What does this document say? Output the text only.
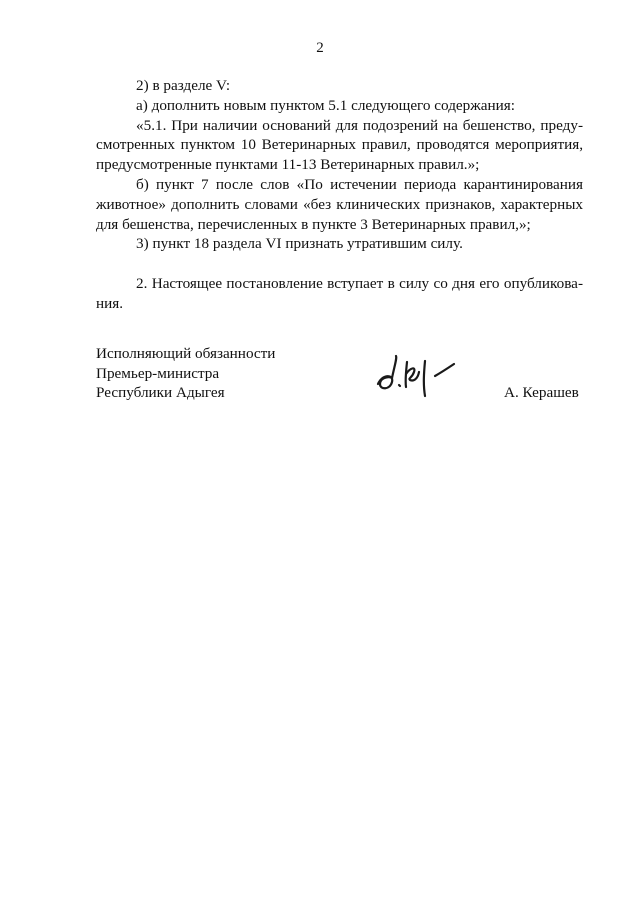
2

2) в разделе V:

а) дополнить новым пунктом 5.1 следующего содержания:

«5.1. При наличии оснований для подозрений на бешенство, предусмотренных пунктом 10 Ветеринарных правил, проводятся мероприятия, предусмотренные пунктами 11-13 Ветеринарных правил.»;

б) пункт 7 после слов «По истечении периода карантинирования животное» дополнить словами «без клинических признаков, характерных для бешенства, перечисленных в пункте 3 Ветеринарных правил,»;

3) пункт 18 раздела VI признать утратившим силу.

2. Настоящее постановление вступает в силу со дня его опубликования.

Исполняющий обязанности
Премьер-министра
Республики Адыгея	А. Керашев
